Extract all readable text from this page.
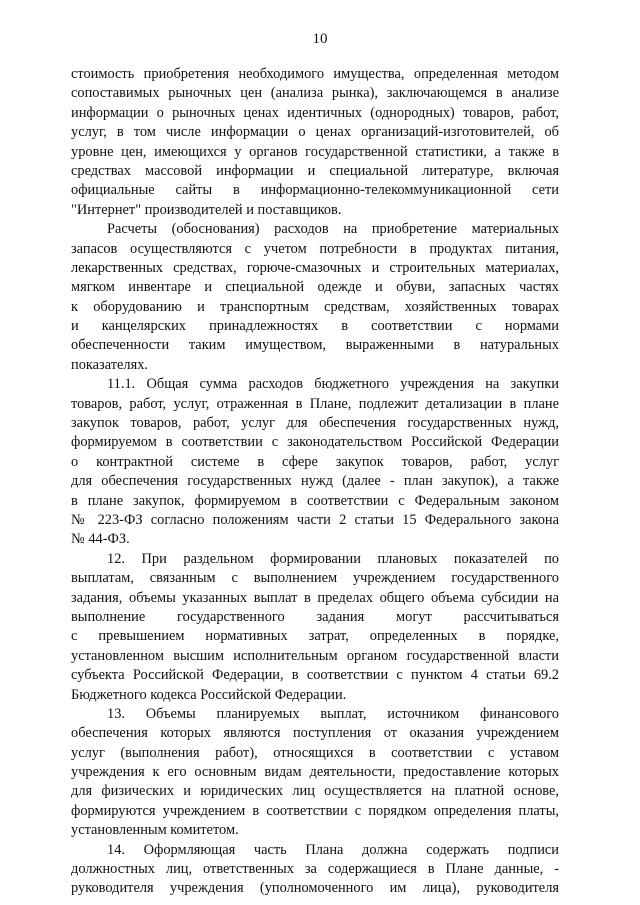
10
стоимость приобретения необходимого имущества, определенная методом
сопоставимых рыночных цен (анализа рынка), заключающемся в анализе
информации о рыночных ценах идентичных (однородных) товаров, работ,
услуг, в том числе информации о ценах организаций-изготовителей, об
уровне цен, имеющихся у органов государственной статистики, а также в
средствах массовой информации и специальной литературе, включая
официальные сайты в информационно-телекоммуникационной сети
"Интернет" производителей и поставщиков.
Расчеты (обоснования) расходов на приобретение материальных
запасов осуществляются с учетом потребности в продуктах питания,
лекарственных средствах, горюче-смазочных и строительных материалах,
мягком инвентаре и специальной одежде и обуви, запасных частях
к оборудованию и транспортным средствам, хозяйственных товарах
и канцелярских принадлежностях в соответствии с нормами
обеспеченности таким имуществом, выраженными в натуральных
показателях.
11.1. Общая сумма расходов бюджетного учреждения на закупки
товаров, работ, услуг, отраженная в Плане, подлежит детализации в плане
закупок товаров, работ, услуг для обеспечения государственных нужд,
формируемом в соответствии с законодательством Российской Федерации
о контрактной системе в сфере закупок товаров, работ, услуг
для обеспечения государственных нужд (далее - план закупок), а также
в плане закупок, формируемом в соответствии с Федеральным законом
№ 223-ФЗ согласно положениям части 2 статьи 15 Федерального закона
№ 44-ФЗ.
12. При раздельном формировании плановых показателей по
выплатам, связанным с выполнением учреждением государственного
задания, объемы указанных выплат в пределах общего объема субсидии на
выполнение государственного задания могут рассчитываться
с превышением нормативных затрат, определенных в порядке,
установленном высшим исполнительным органом государственной власти
субъекта Российской Федерации, в соответствии с пунктом 4 статьи 69.2
Бюджетного кодекса Российской Федерации.
13. Объемы планируемых выплат, источником финансового
обеспечения которых являются поступления от оказания учреждением
услуг (выполнения работ), относящихся в соответствии с уставом
учреждения к его основным видам деятельности, предоставление которых
для физических и юридических лиц осуществляется на платной основе,
формируются учреждением в соответствии с порядком определения платы,
установленным комитетом.
14. Оформляющая часть Плана должна содержать подписи
должностных лиц, ответственных за содержащиеся в Плане данные, -
руководителя учреждения (уполномоченного им лица), руководителя
